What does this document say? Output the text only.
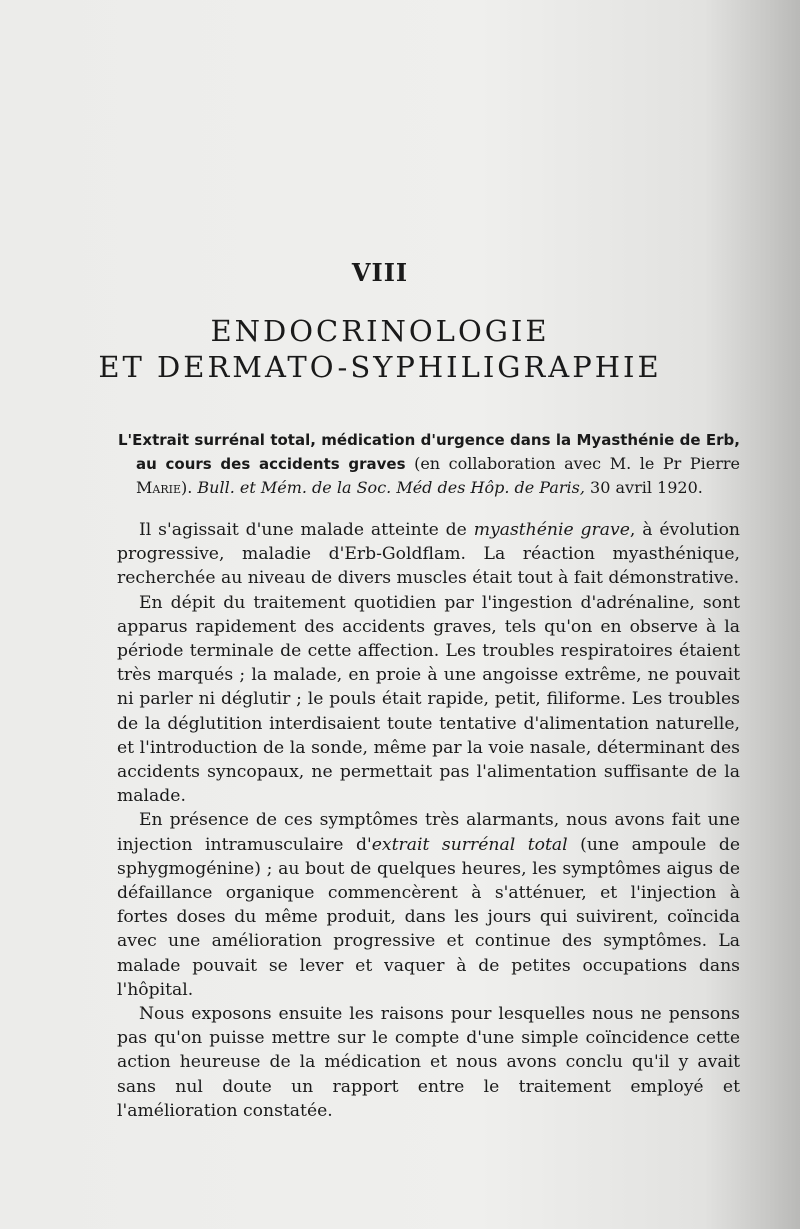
VIII
ENDOCRINOLOGIE
ET DERMATO-SYPHILIGRAPHIE
L'Extrait surrénal total, médication d'urgence dans la Myasthénie de Erb, au cours des accidents graves (en collaboration avec M. le Pr Pierre Marie). Bull. et Mém. de la Soc. Méd des Hôp. de Paris, 30 avril 1920.

Il s'agissait d'une malade atteinte de myasthénie grave, à évolution progressive, maladie d'Erb-Goldflam. La réaction myasthénique, recherchée au niveau de divers muscles était tout à fait démonstrative.

En dépit du traitement quotidien par l'ingestion d'adrénaline, sont apparus rapidement des accidents graves, tels qu'on en observe à la période terminale de cette affection. Les troubles respiratoires étaient très marqués ; la malade, en proie à une angoisse extrême, ne pouvait ni parler ni déglutir ; le pouls était rapide, petit, filiforme. Les troubles de la déglutition interdisaient toute tentative d'alimentation naturelle, et l'introduction de la sonde, même par la voie nasale, déterminant des accidents syncopaux, ne permettait pas l'alimentation suffisante de la malade.

En présence de ces symptômes très alarmants, nous avons fait une injection intramusculaire d'extrait surrénal total (une ampoule de sphygmogénine) ; au bout de quelques heures, les symptômes aigus de défaillance organique commencèrent à s'atténuer, et l'injection à fortes doses du même produit, dans les jours qui suivirent, coïncida avec une amélioration progressive et continue des symptômes. La malade pouvait se lever et vaquer à de petites occupations dans l'hôpital.

Nous exposons ensuite les raisons pour lesquelles nous ne pensons pas qu'on puisse mettre sur le compte d'une simple coïncidence cette action heureuse de la médication et nous avons conclu qu'il y avait sans nul doute un rapport entre le traitement employé et l'amélioration constatée.
